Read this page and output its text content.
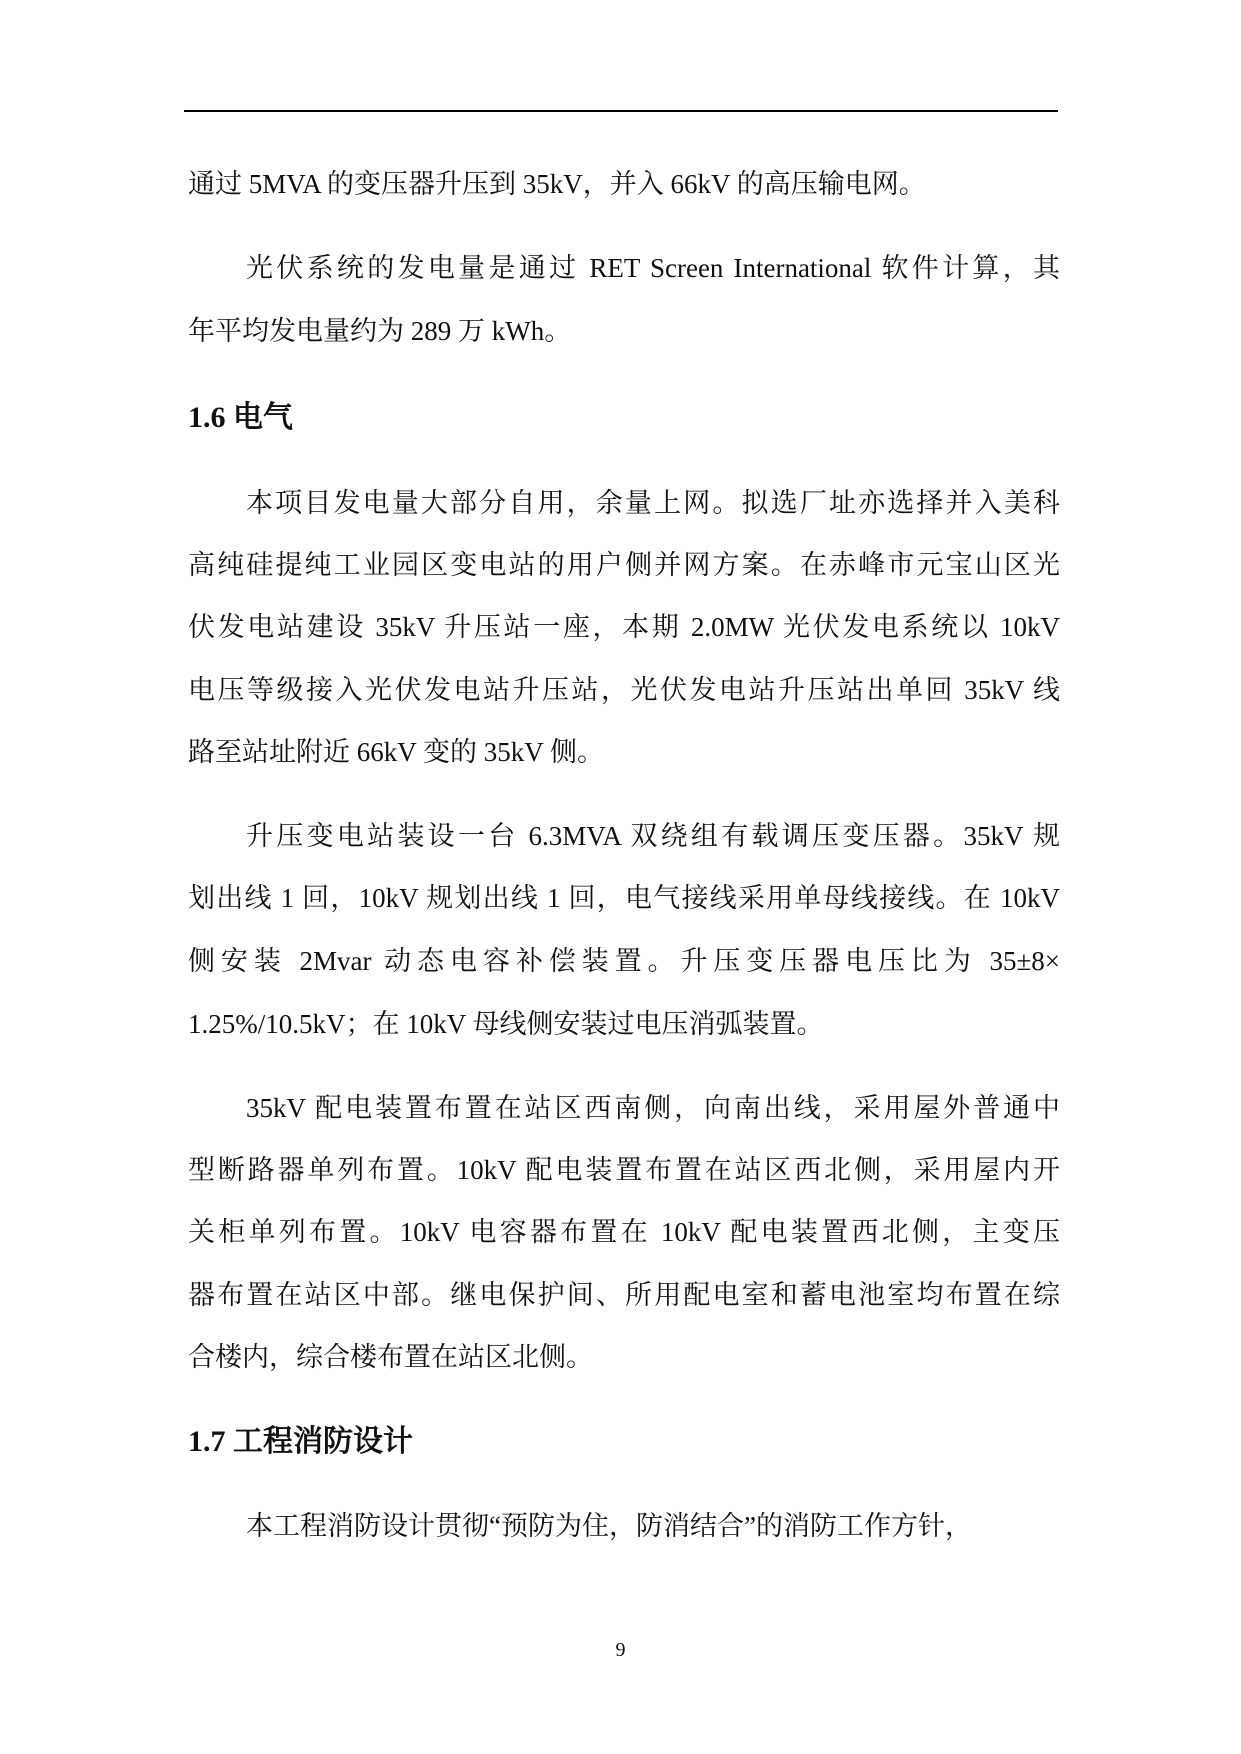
通过 5MVA 的变压器升压到 35kV，并入 66kV 的高压输电网。
光伏系统的发电量是通过 RET Screen International 软件计算，其
年平均发电量约为 289 万 kWh。
1.6 电气
本项目发电量大部分自用，余量上网。拟选厂址亦选择并入美科
高纯硅提纯工业园区变电站的用户侧并网方案。在赤峰市元宝山区光
伏发电站建设 35kV 升压站一座，本期 2.0MW 光伏发电系统以 10kV
电压等级接入光伏发电站升压站，光伏发电站升压站出单回 35kV 线
路至站址附近 66kV 变的 35kV 侧。
升压变电站装设一台 6.3MVA 双绕组有载调压变压器。35kV 规
划出线 1 回，10kV 规划出线 1 回，电气接线采用单母线接线。在 10kV
侧安装 2Mvar 动态电容补偿装置。升压变压器电压比为 35±8×
1.25%/10.5kV；在 10kV 母线侧安装过电压消弧装置。
35kV 配电装置布置在站区西南侧，向南出线，采用屋外普通中
型断路器单列布置。10kV 配电装置布置在站区西北侧，采用屋内开
关柜单列布置。10kV 电容器布置在 10kV 配电装置西北侧，主变压
器布置在站区中部。继电保护间、所用配电室和蓄电池室均布置在综
合楼内，综合楼布置在站区北侧。
1.7 工程消防设计
本工程消防设计贯彻“预防为住，防消结合”的消防工作方针，
9
